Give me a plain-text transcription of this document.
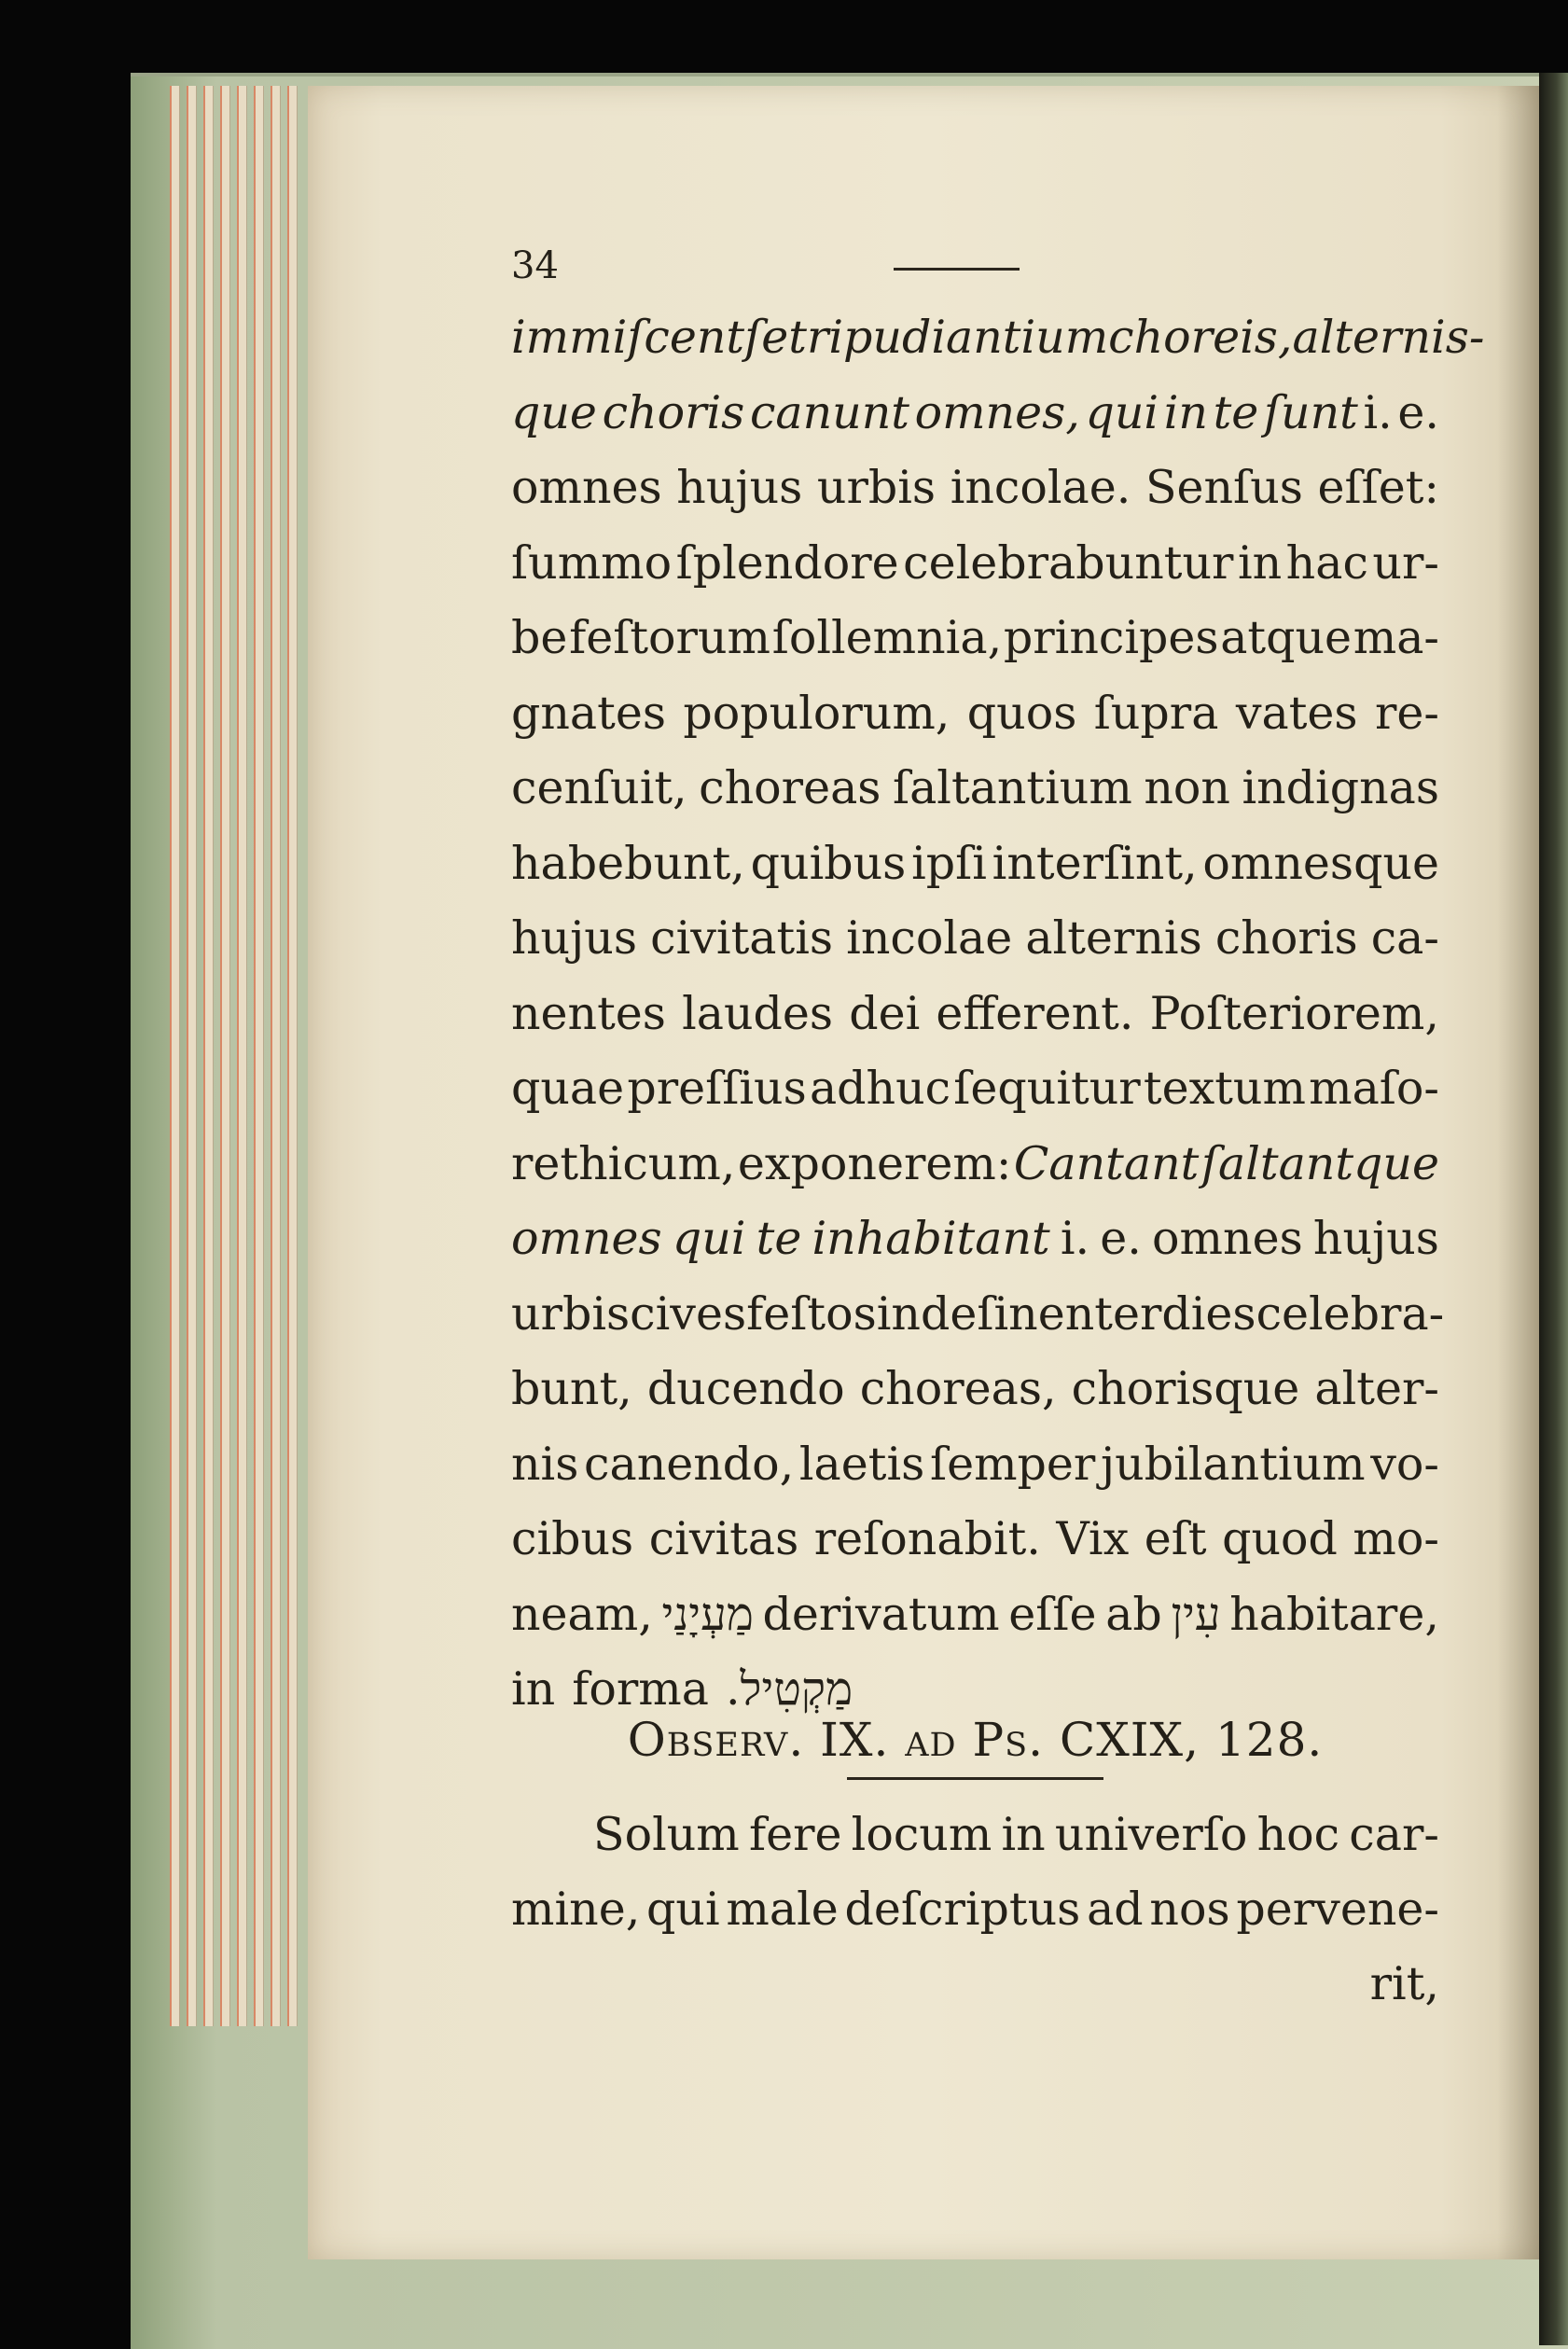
34
immiſcent ſe tripudiantium choreis, alternis-
que choris canunt omnes, qui in te ſunt i. e.
omnes hujus urbis incolae. Senſus eſſet:
ſummo ſplendore celebrabuntur in hac ur-
be feſtorum ſollemnia, principes atque ma-
gnates populorum, quos ſupra vates re-
cenſuit, choreas ſaltantium non indignas
habebunt, quibus ipſi interſint, omnesque
hujus civitatis incolae alternis choris ca-
nentes laudes dei efferent. Poſteriorem,
quae preſſius adhuc ſequitur textum maſo-
rethicum, exponerem: Cantant ſaltantque
omnes qui te inhabitant i. e. omnes hujus
urbis cives feſtos indeſinenter dies celebra-
bunt, ducendo choreas, chorisque alter-
nis canendo, laetis ſemper jubilantium vo-
cibus civitas reſonabit. Vix eſt quod mo-
neam, מַעְיָנַי derivatum eſſe ab עִין habitare,
in forma מַקְטִיל.
Observ. IX. ad Ps. CXIX, 128.
Solum fere locum in univerſo hoc car-
mine, qui male deſcriptus ad nos pervene-
rit,
